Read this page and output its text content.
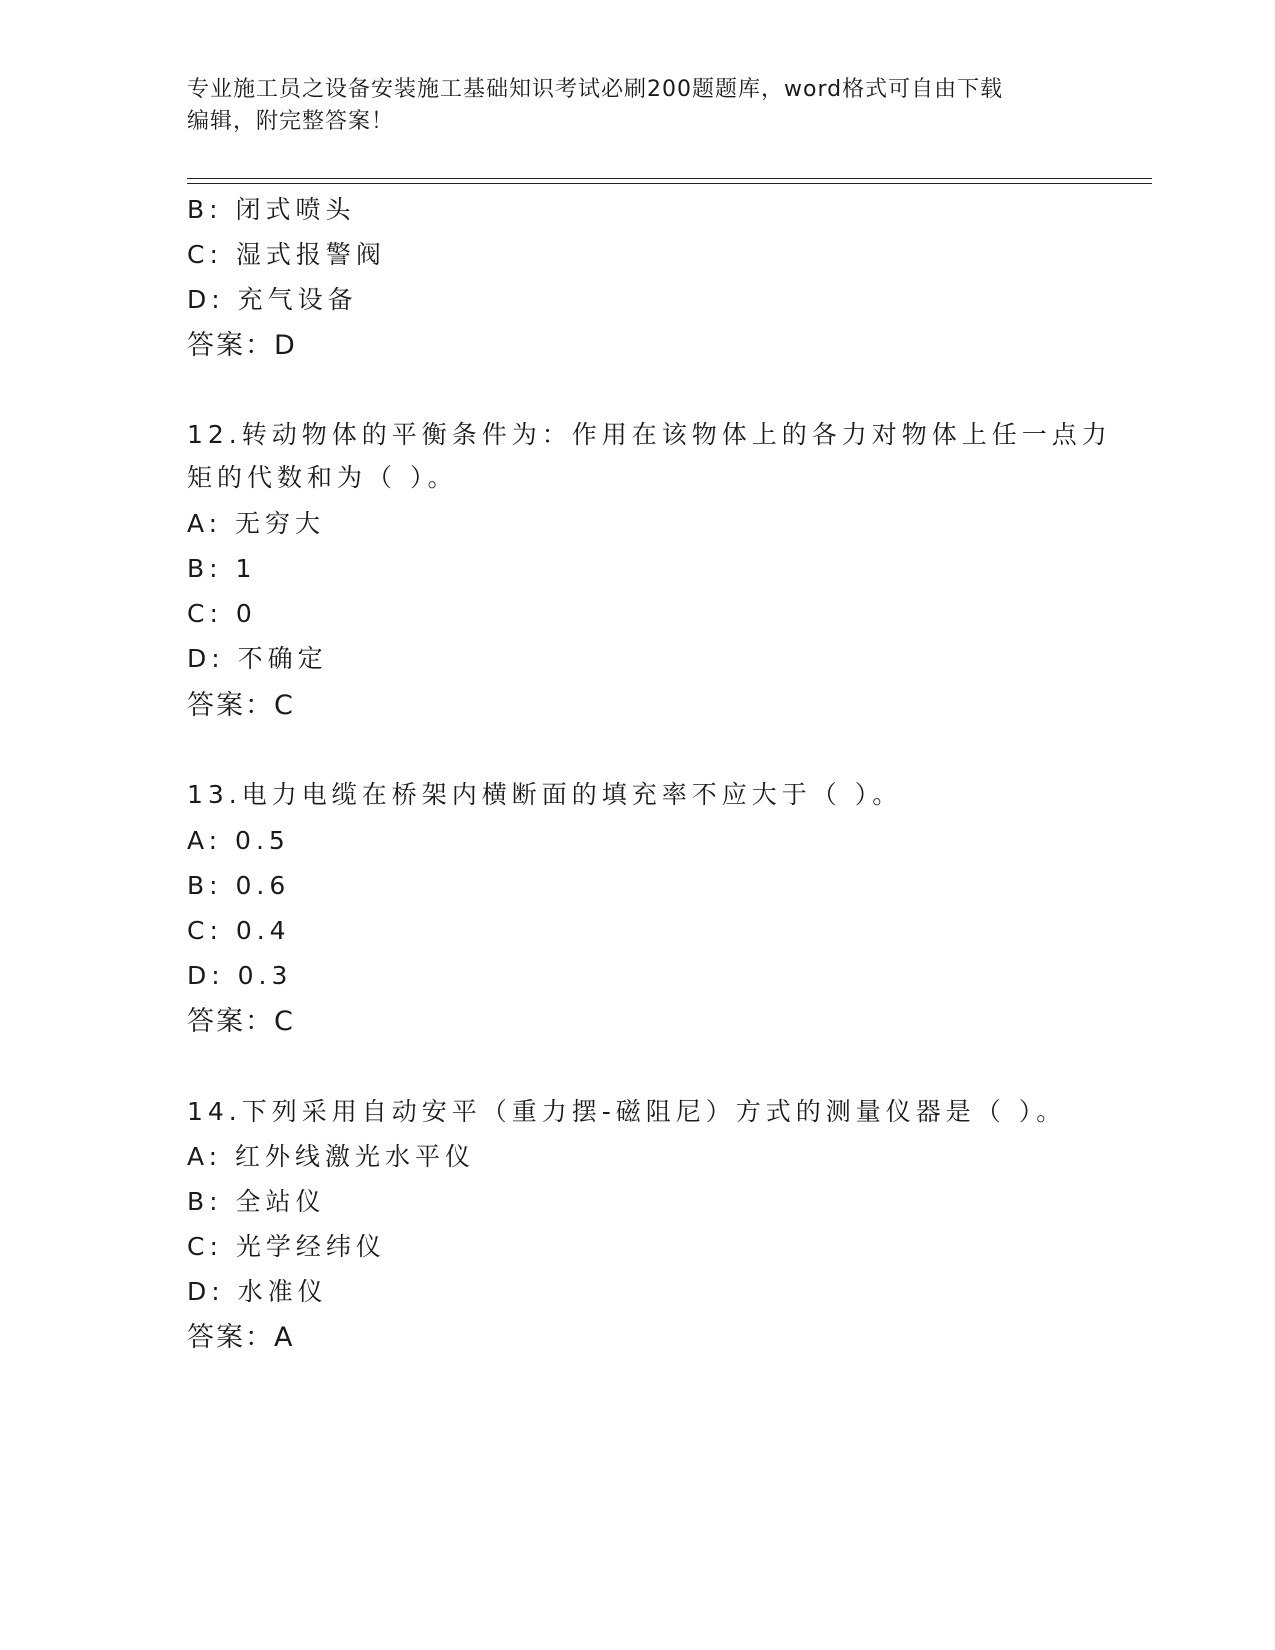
专业施工员之设备安装施工基础知识考试必刷200题题库，word格式可自由下载
编辑，附完整答案！
B: 闭式喷头
C: 湿式报警阀
D: 充气设备
答案：D
12.转动物体的平衡条件为：作用在该物体上的各力对物体上任一点力
矩的代数和为（ ）。
A: 无穷大
B: 1
C: 0
D: 不确定
答案：C
13.电力电缆在桥架内横断面的填充率不应大于（ ）。
A: 0.5
B: 0.6
C: 0.4
D: 0.3
答案：C
14.下列采用自动安平（重力摆-磁阻尼）方式的测量仪器是（ ）。
A: 红外线激光水平仪
B: 全站仪
C: 光学经纬仪
D: 水准仪
答案：A
